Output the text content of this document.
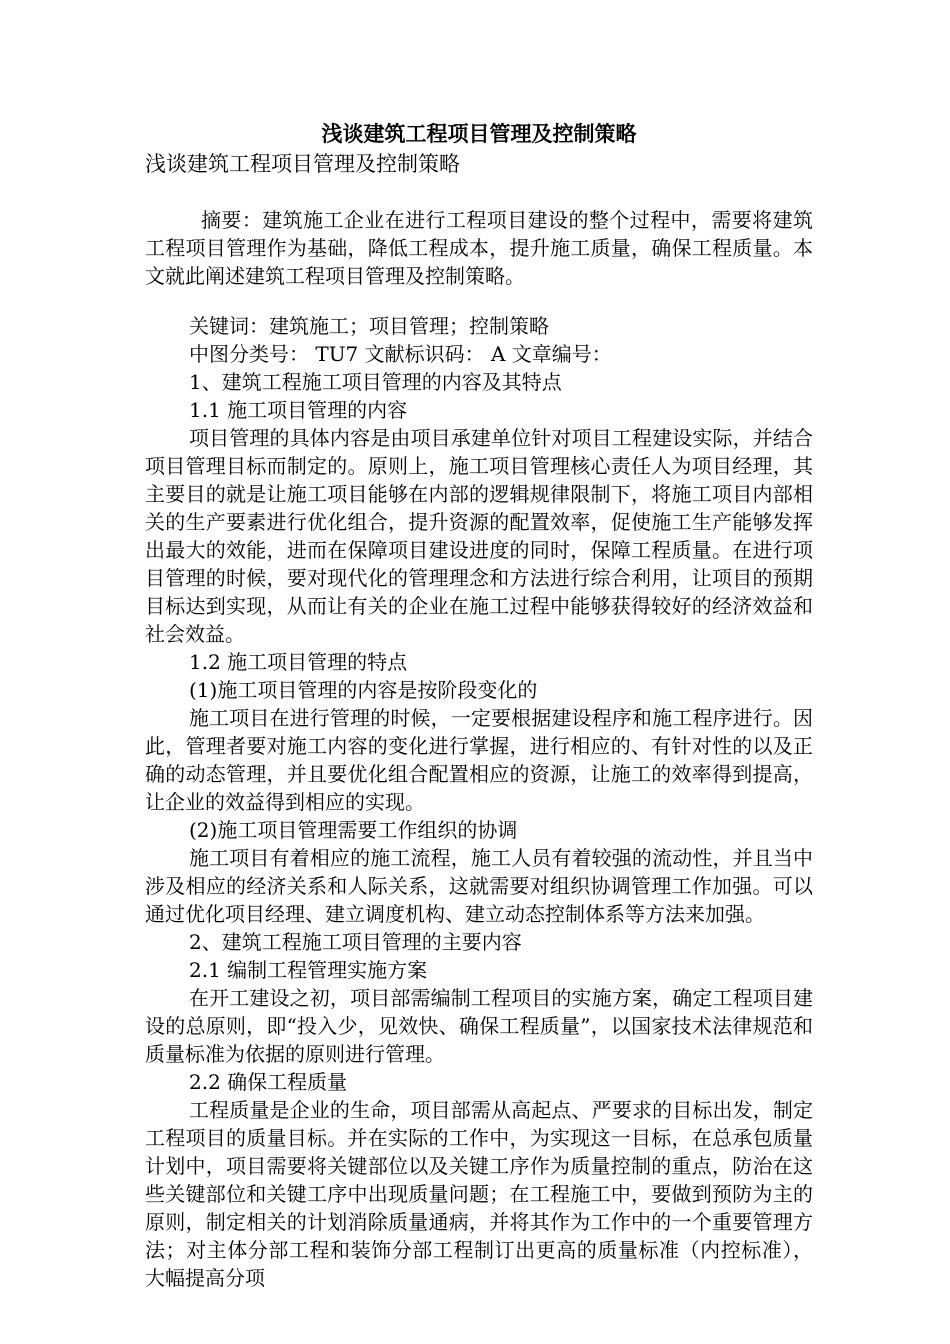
浅谈建筑工程项目管理及控制策略

浅谈建筑工程项目管理及控制策略

摘要：建筑施工企业在进行工程项目建设的整个过程中，需要将建筑工程项目管理作为基础，降低工程成本，提升施工质量，确保工程质量。本文就此阐述建筑工程项目管理及控制策略。

关键词：建筑施工；项目管理；控制策略

中图分类号： TU7 文献标识码： A 文章编号：

1、建筑工程施工项目管理的内容及其特点

1.1 施工项目管理的内容

项目管理的具体内容是由项目承建单位针对项目工程建设实际，并结合项目管理目标而制定的。原则上，施工项目管理核心责任人为项目经理，其主要目的就是让施工项目能够在内部的逻辑规律限制下，将施工项目内部相关的生产要素进行优化组合，提升资源的配置效率，促使施工生产能够发挥出最大的效能，进而在保障项目建设进度的同时，保障工程质量。在进行项目管理的时候，要对现代化的管理理念和方法进行综合利用，让项目的预期目标达到实现，从而让有关的企业在施工过程中能够获得较好的经济效益和社会效益。

1.2 施工项目管理的特点

(1)施工项目管理的内容是按阶段变化的

施工项目在进行管理的时候，一定要根据建设程序和施工程序进行。因此，管理者要对施工内容的变化进行掌握，进行相应的、有针对性的以及正确的动态管理，并且要优化组合配置相应的资源，让施工的效率得到提高，让企业的效益得到相应的实现。

(2)施工项目管理需要工作组织的协调

施工项目有着相应的施工流程，施工人员有着较强的流动性，并且当中涉及相应的经济关系和人际关系，这就需要对组织协调管理工作加强。可以通过优化项目经理、建立调度机构、建立动态控制体系等方法来加强。

2、建筑工程施工项目管理的主要内容

2.1 编制工程管理实施方案

在开工建设之初，项目部需编制工程项目的实施方案，确定工程项目建设的总原则，即“投入少，见效快、确保工程质量”，以国家技术法律规范和质量标准为依据的原则进行管理。

2.2 确保工程质量

工程质量是企业的生命，项目部需从高起点、严要求的目标出发，制定工程项目的质量目标。并在实际的工作中，为实现这一目标，在总承包质量计划中，项目需要将关键部位以及关键工序作为质量控制的重点，防治在这些关键部位和关键工序中出现质量问题；在工程施工中，要做到预防为主的原则，制定相关的计划消除质量通病，并将其作为工作中的一个重要管理方法；对主体分部工程和装饰分部工程制订出更高的质量标准（内控标准），大幅提高分项
